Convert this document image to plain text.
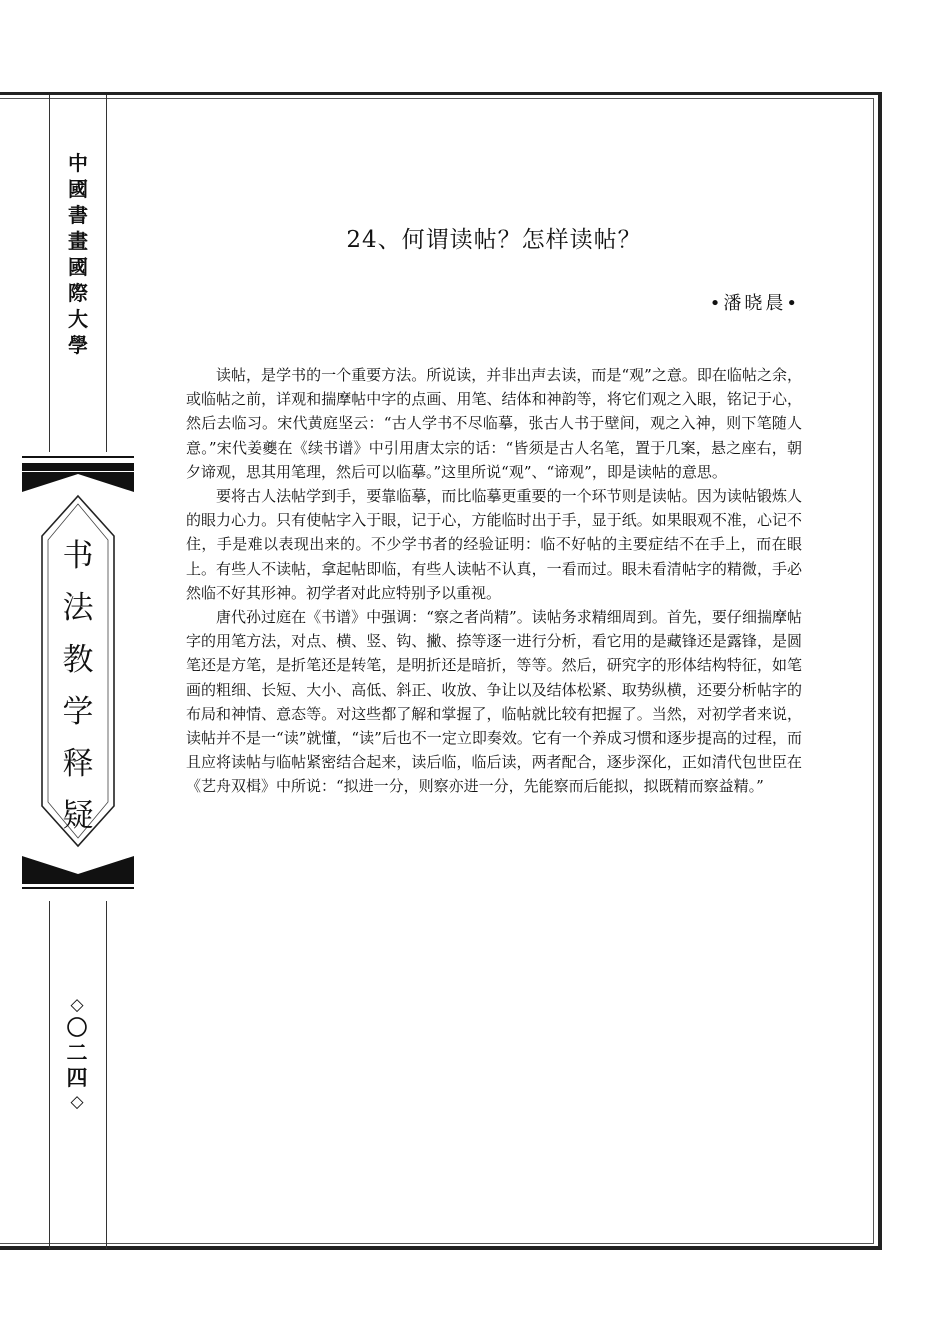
中
國
書
畫
國
際
大
學
书
法
教
学
释
疑
◇
〇
二
四
◇
24、何谓读帖？怎样读帖？
•潘晓晨•

读帖，是学书的一个重要方法。所说读，并非出声去读，而是“观”之意。即在临帖之余，或临帖之前，详观和揣摩帖中字的点画、用笔、结体和神韵等，将它们观之入眼，铭记于心，然后去临习。宋代黄庭坚云：“古人学书不尽临摹，张古人书于壁间，观之入神，则下笔随人意。”宋代姜夔在《续书谱》中引用唐太宗的话：“皆须是古人名笔，置于几案，悬之座右，朝夕谛观，思其用笔理，然后可以临摹。”这里所说“观”、“谛观”，即是读帖的意思。

要将古人法帖学到手，要靠临摹，而比临摹更重要的一个环节则是读帖。因为读帖锻炼人的眼力心力。只有使帖字入于眼，记于心，方能临时出于手，显于纸。如果眼观不准，心记不住，手是难以表现出来的。不少学书者的经验证明：临不好帖的主要症结不在手上，而在眼上。有些人不读帖，拿起帖即临，有些人读帖不认真，一看而过。眼未看清帖字的精微，手必然临不好其形神。初学者对此应特别予以重视。

唐代孙过庭在《书谱》中强调：“察之者尚精”。读帖务求精细周到。首先，要仔细揣摩帖字的用笔方法，对点、横、竖、钩、撇、捺等逐一进行分析，看它用的是藏锋还是露锋，是圆笔还是方笔，是折笔还是转笔，是明折还是暗折，等等。然后，研究字的形体结构特征，如笔画的粗细、长短、大小、高低、斜正、收放、争让以及结体松紧、取势纵横，还要分析帖字的布局和神情、意态等。对这些都了解和掌握了，临帖就比较有把握了。当然，对初学者来说，读帖并不是一“读”就懂，“读”后也不一定立即奏效。它有一个养成习惯和逐步提高的过程，而且应将读帖与临帖紧密结合起来，读后临，临后读，两者配合，逐步深化，正如清代包世臣在《艺舟双楫》中所说：“拟进一分，则察亦进一分，先能察而后能拟，拟既精而察益精。”
